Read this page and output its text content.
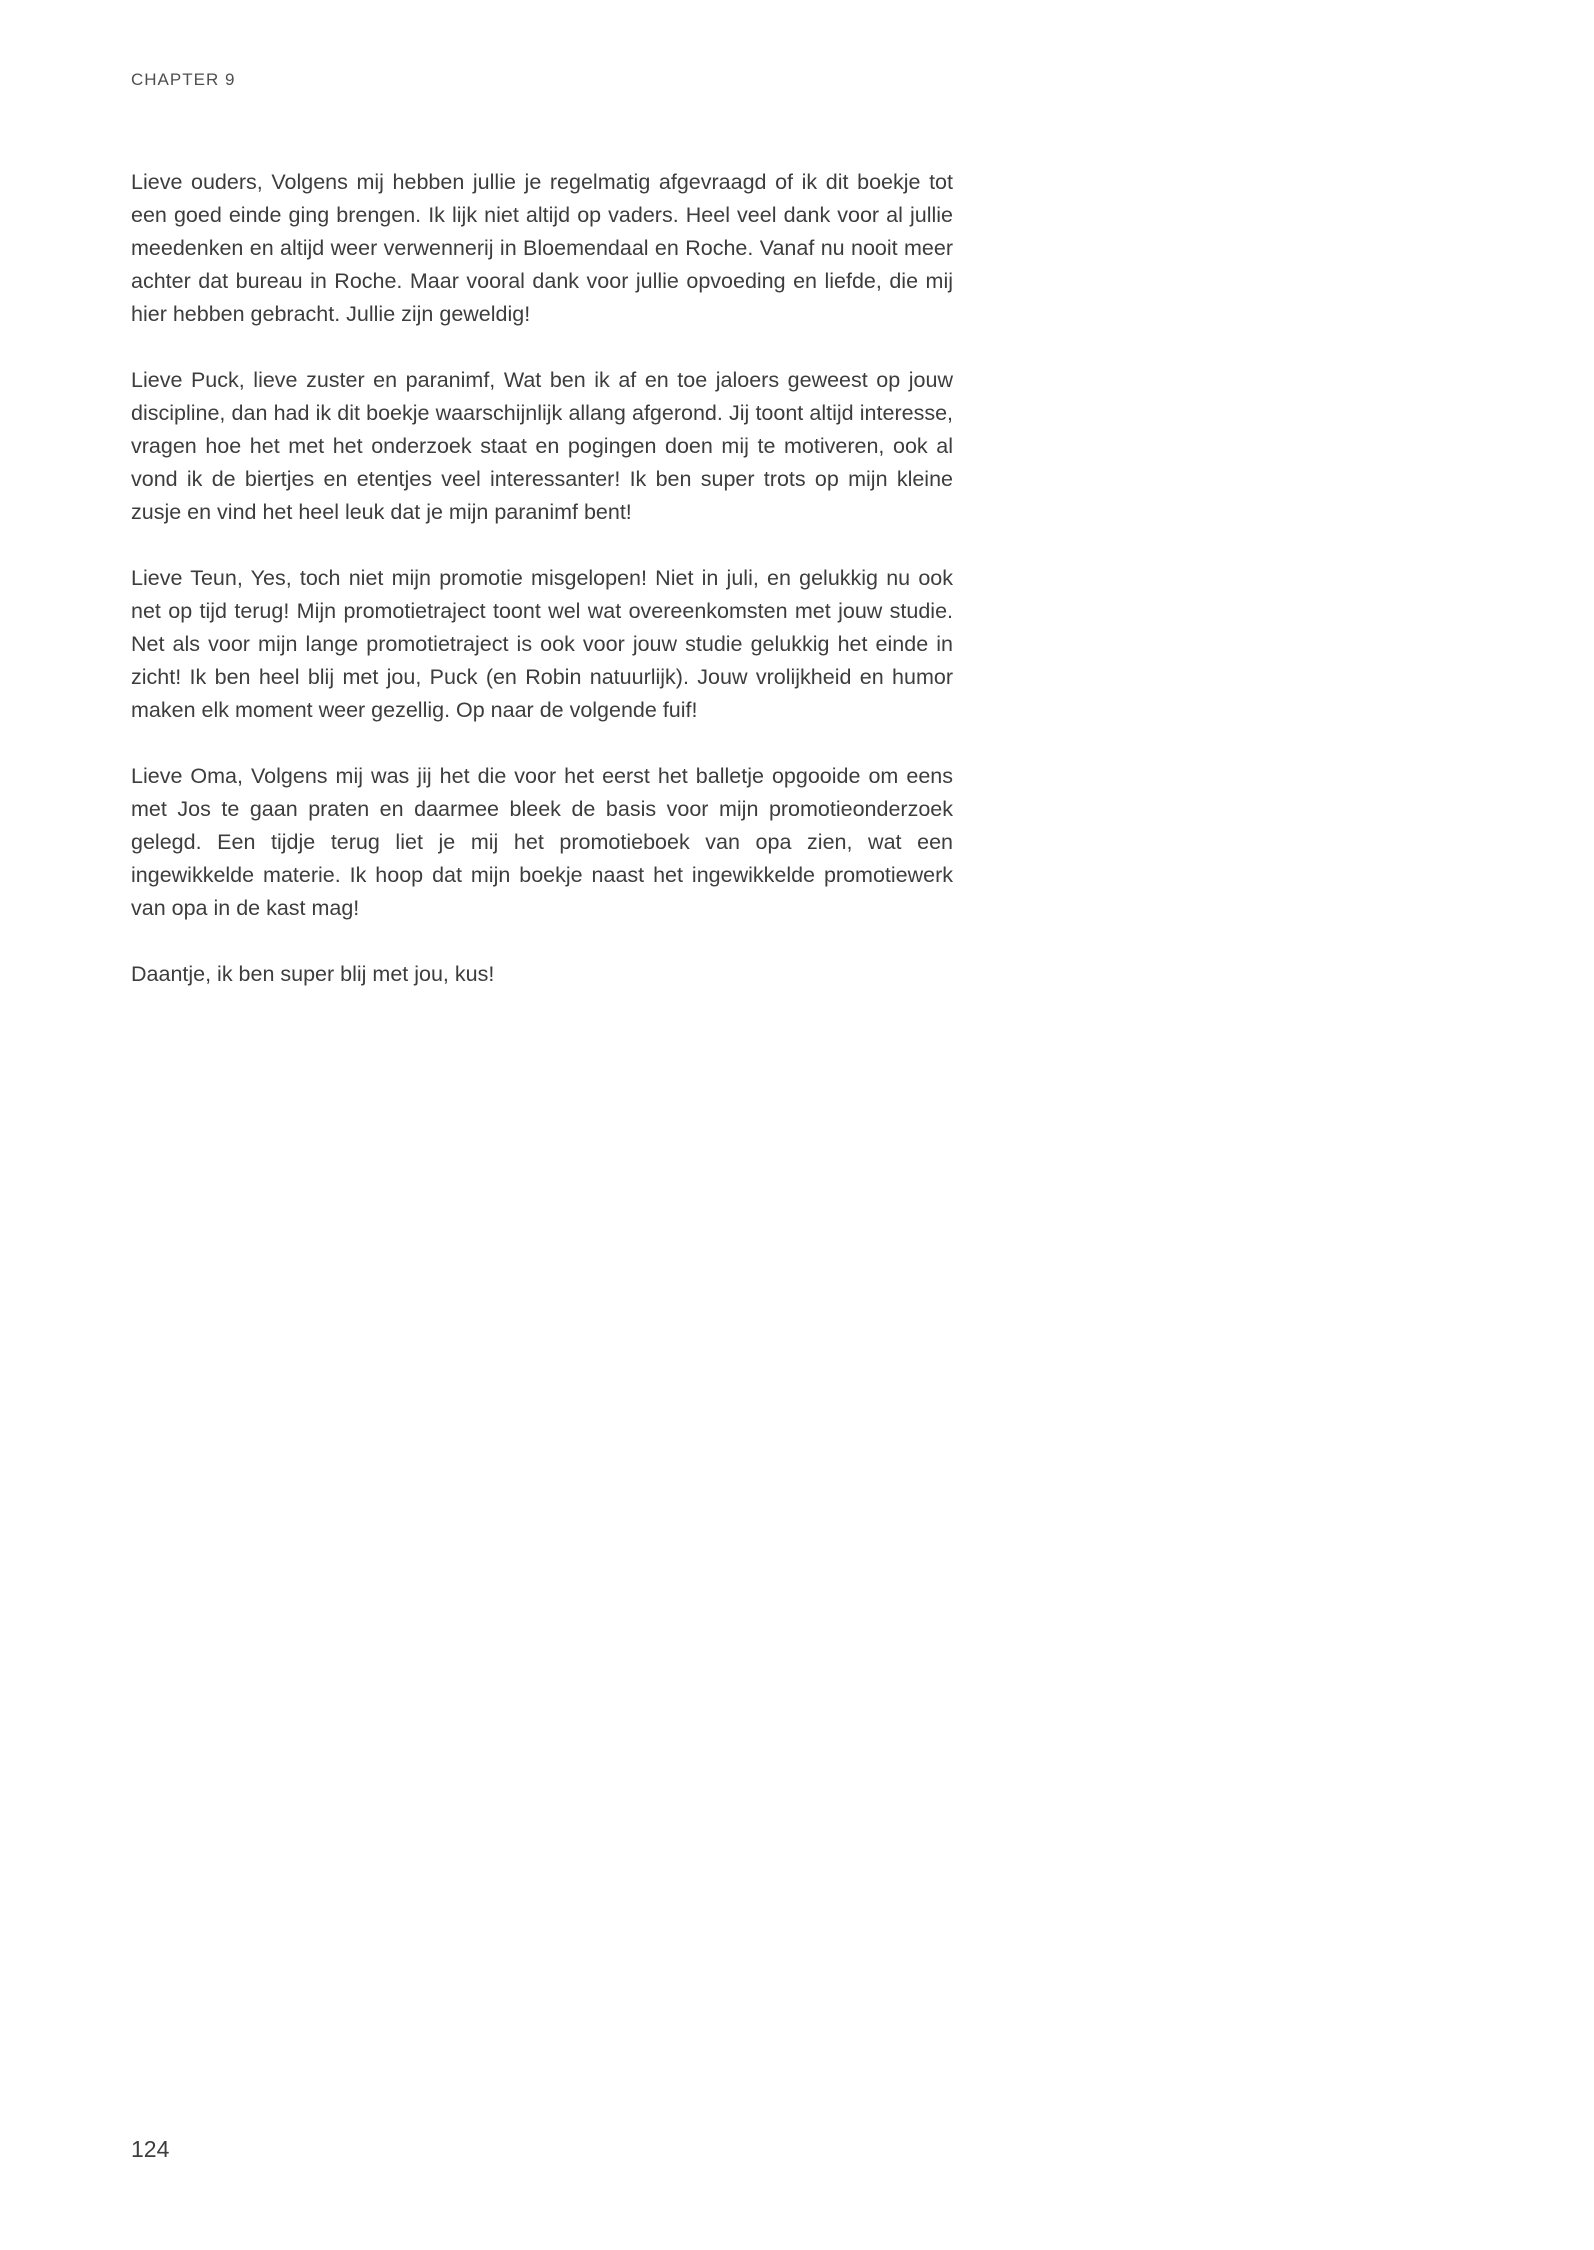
CHAPTER 9

Lieve ouders, Volgens mij hebben jullie je regelmatig afgevraagd of ik dit boekje tot een goed einde ging brengen. Ik lijk niet altijd op vaders. Heel veel dank voor al jullie meedenken en altijd weer verwennerij in Bloemendaal en Roche. Vanaf nu nooit meer achter dat bureau in Roche. Maar vooral dank voor jullie opvoeding en liefde, die mij hier hebben gebracht. Jullie zijn geweldig!

Lieve Puck, lieve zuster en paranimf, Wat ben ik af en toe jaloers geweest op jouw discipline, dan had ik dit boekje waarschijnlijk allang afgerond. Jij toont altijd interesse, vragen hoe het met het onderzoek staat en pogingen doen mij te motiveren, ook al vond ik de biertjes en etentjes veel interessanter! Ik ben super trots op mijn kleine zusje en vind het heel leuk dat je mijn paranimf bent!

Lieve Teun, Yes, toch niet mijn promotie misgelopen! Niet in juli, en gelukkig nu ook net op tijd terug! Mijn promotietraject toont wel wat overeenkomsten met jouw studie. Net als voor mijn lange promotietraject is ook voor jouw studie gelukkig het einde in zicht! Ik ben heel blij met jou, Puck (en Robin natuurlijk). Jouw vrolijkheid en humor maken elk moment weer gezellig. Op naar de volgende fuif!

Lieve Oma, Volgens mij was jij het die voor het eerst het balletje opgooide om eens met Jos te gaan praten en daarmee bleek de basis voor mijn promotieonderzoek gelegd. Een tijdje terug liet je mij het promotieboek van opa zien, wat een ingewikkelde materie. Ik hoop dat mijn boekje naast het ingewikkelde promotiewerk van opa in de kast mag!

Daantje, ik ben super blij met jou, kus!

124
